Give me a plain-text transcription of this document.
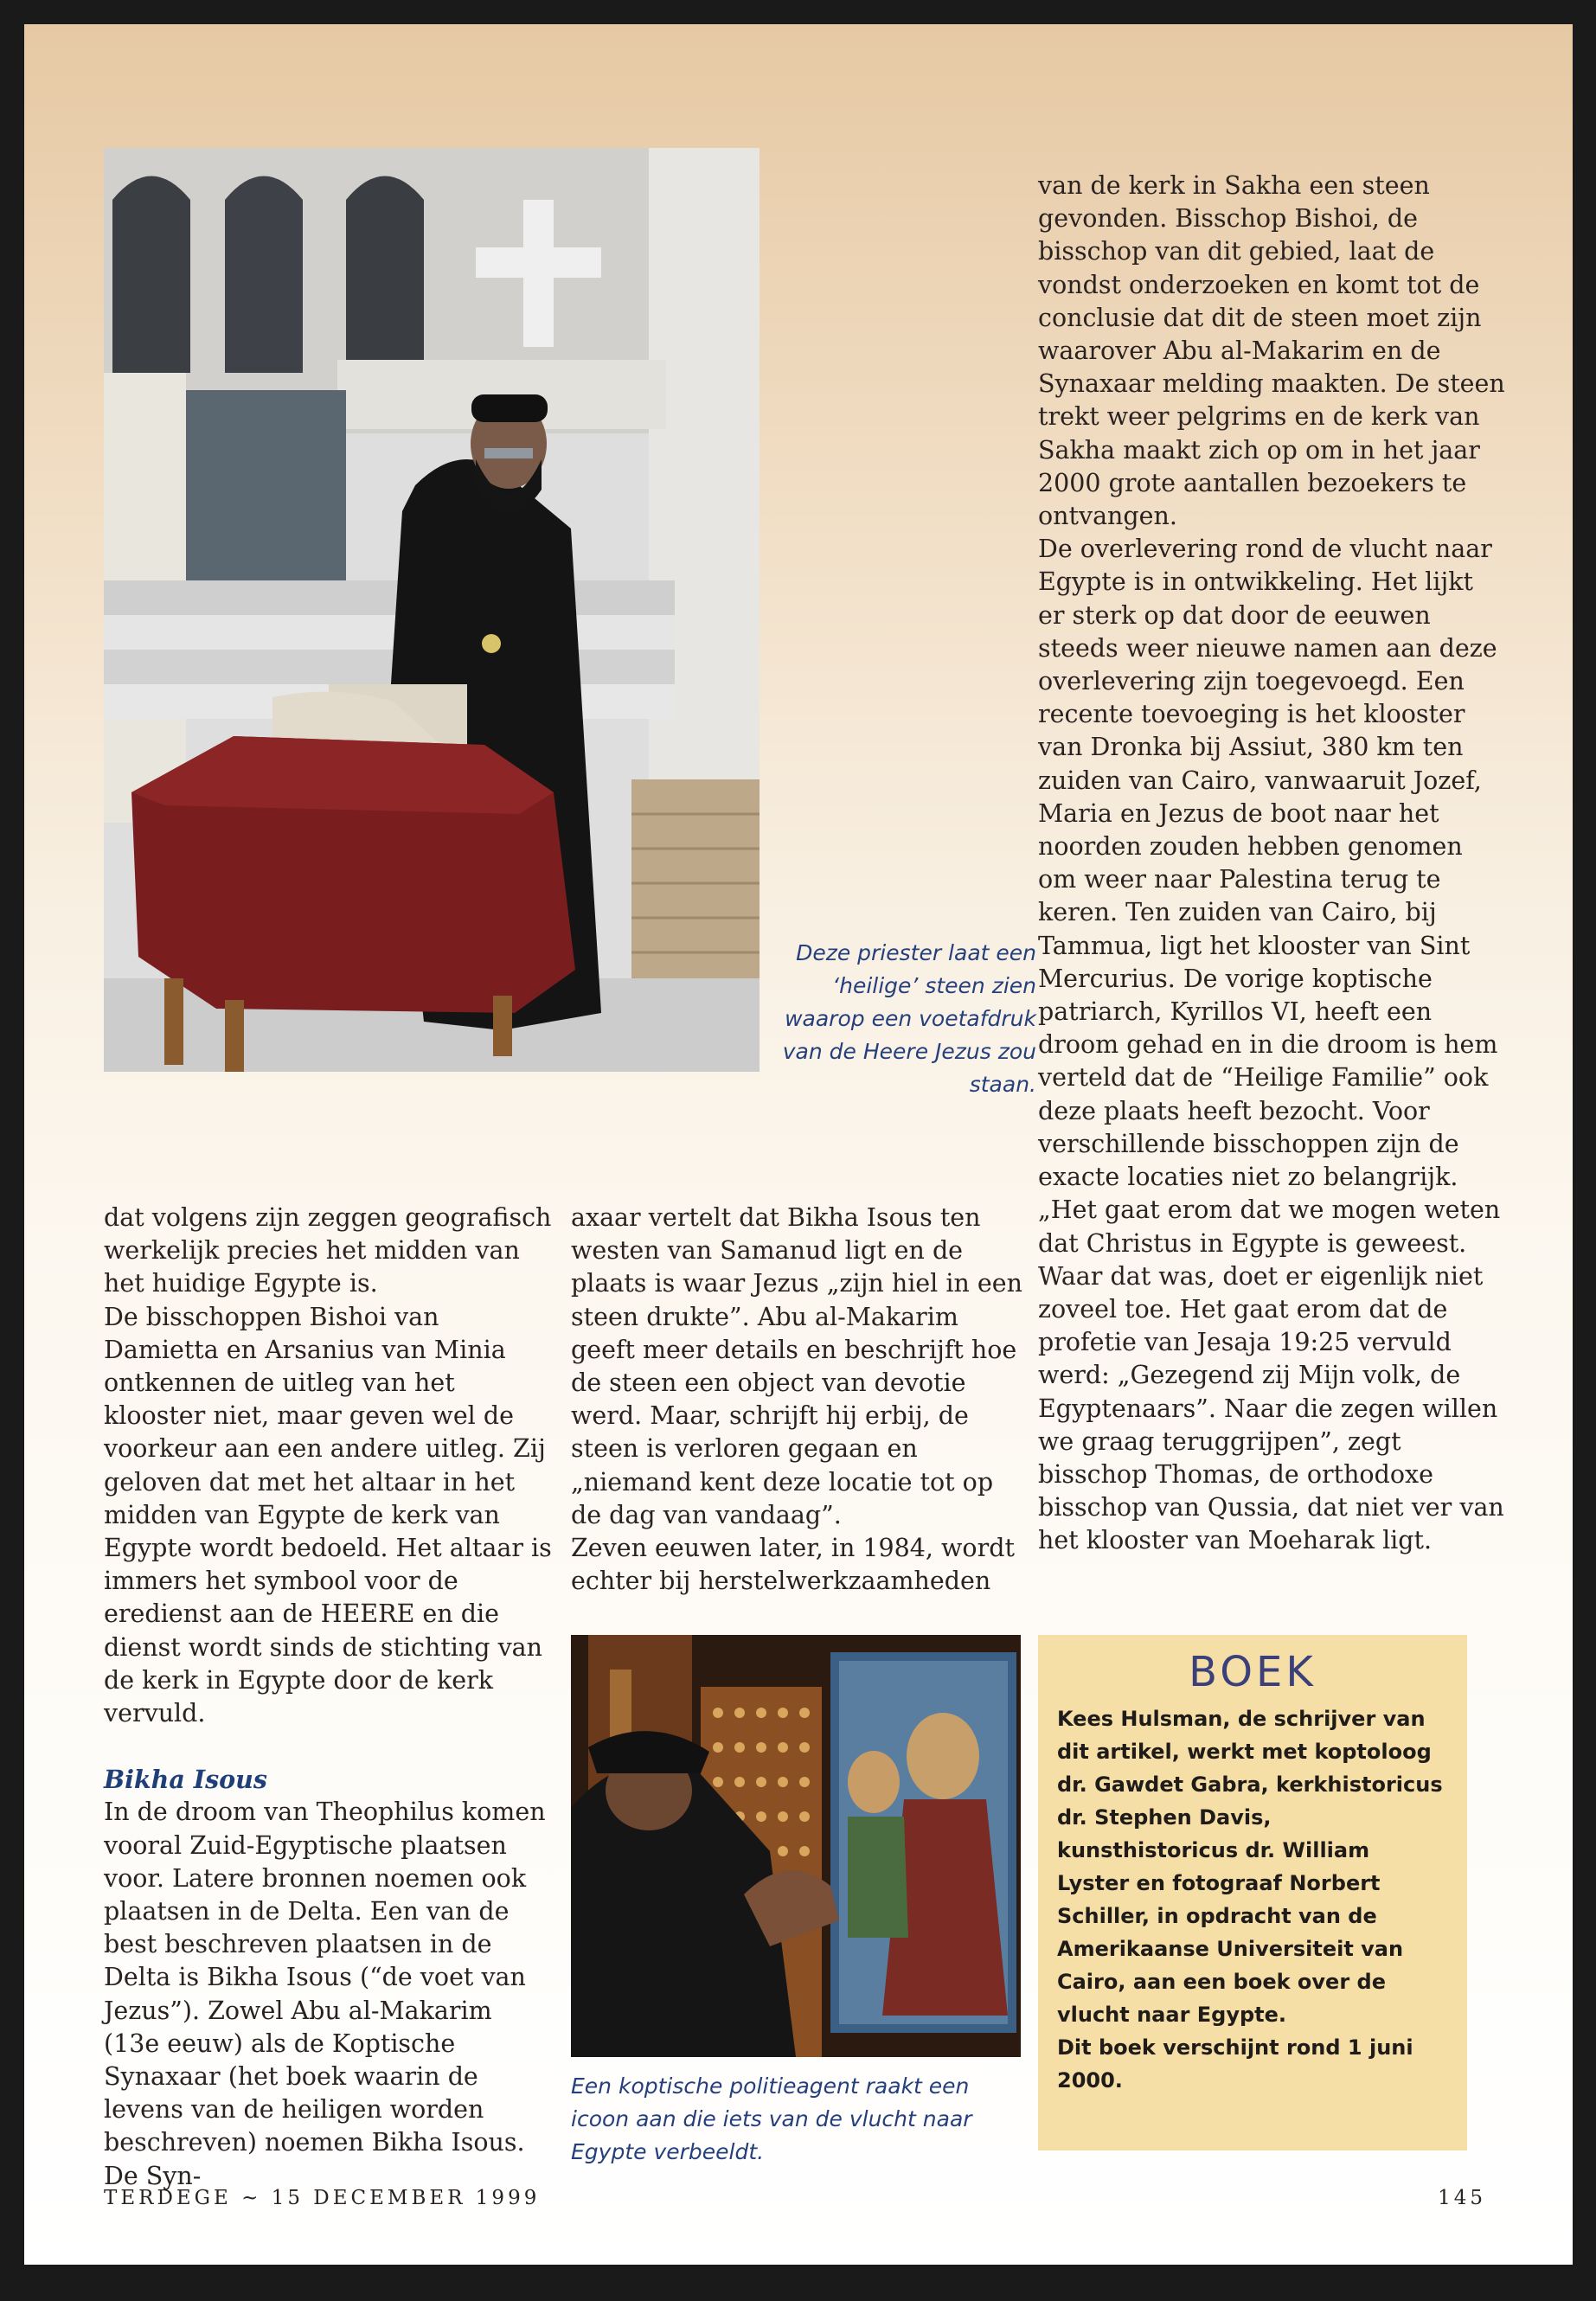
Deze priester laat een ‘heilige’ steen zien waarop een voetafdruk van de Heere Jezus zou staan.

dat volgens zijn zeggen geografisch werkelijk precies het midden van het huidige Egypte is.

De bisschoppen Bishoi van Damietta en Arsanius van Minia ontkennen de uitleg van het klooster niet, maar geven wel de voorkeur aan een andere uitleg. Zij geloven dat met het altaar in het midden van Egypte de kerk van Egypte wordt bedoeld. Het altaar is immers het symbool voor de eredienst aan de HEERE en die dienst wordt sinds de stichting van de kerk in Egypte door de kerk vervuld.

Bikha Isous

In de droom van Theophilus komen vooral Zuid-Egyptische plaatsen voor. Latere bronnen noemen ook plaatsen in de Delta. Een van de best beschreven plaatsen in de Delta is Bikha Isous (“de voet van Jezus”). Zowel Abu al-Makarim (13e eeuw) als de Koptische Synaxaar (het boek waarin de levens van de heiligen worden beschreven) noemen Bikha Isous. De Syn-

axaar vertelt dat Bikha Isous ten westen van Samanud ligt en de plaats is waar Jezus „zijn hiel in een steen drukte”. Abu al-Makarim geeft meer details en beschrijft hoe de steen een object van devotie werd. Maar, schrijft hij erbij, de steen is verloren gegaan en „niemand kent deze locatie tot op de dag van vandaag”.

Zeven eeuwen later, in 1984, wordt echter bij herstelwerkzaamheden

van de kerk in Sakha een steen gevonden. Bisschop Bishoi, de bisschop van dit gebied, laat de vondst onderzoeken en komt tot de conclusie dat dit de steen moet zijn waarover Abu al-Makarim en de Synaxaar melding maakten. De steen trekt weer pelgrims en de kerk van Sakha maakt zich op om in het jaar 2000 grote aantallen bezoekers te ontvangen.

De overlevering rond de vlucht naar Egypte is in ontwikkeling. Het lijkt er sterk op dat door de eeuwen steeds weer nieuwe namen aan deze overlevering zijn toegevoegd. Een recente toevoeging is het klooster van Dronka bij Assiut, 380 km ten zuiden van Cairo, vanwaaruit Jozef, Maria en Jezus de boot naar het noorden zouden hebben genomen om weer naar Palestina terug te keren. Ten zuiden van Cairo, bij Tammua, ligt het klooster van Sint Mercurius. De vorige koptische patriarch, Kyrillos VI, heeft een droom gehad en in die droom is hem verteld dat de “Heilige Familie” ook deze plaats heeft bezocht. Voor verschillende bisschoppen zijn de exacte locaties niet zo belangrijk. „Het gaat erom dat we mogen weten dat Christus in Egypte is geweest. Waar dat was, doet er eigenlijk niet zoveel toe. Het gaat erom dat de profetie van Jesaja 19:25 vervuld werd: „Gezegend zij Mijn volk, de Egyptenaars”. Naar die zegen willen we graag teruggrijpen”, zegt bisschop Thomas, de orthodoxe bisschop van Qussia, dat niet ver van het klooster van Moeharak ligt.

Een koptische politieagent raakt een icoon aan die iets van de vlucht naar Egypte verbeeldt.
BOEK

Kees Hulsman, de schrijver van dit artikel, werkt met koptoloog dr. Gawdet Gabra, kerkhistoricus dr. Stephen Davis, kunsthistoricus dr. William Lyster en fotograaf Norbert Schiller, in opdracht van de Amerikaanse Universiteit van Cairo, aan een boek over de vlucht naar Egypte.

Dit boek verschijnt rond 1 juni 2000.

TERDEGE ~ 15 DECEMBER 1999	145
